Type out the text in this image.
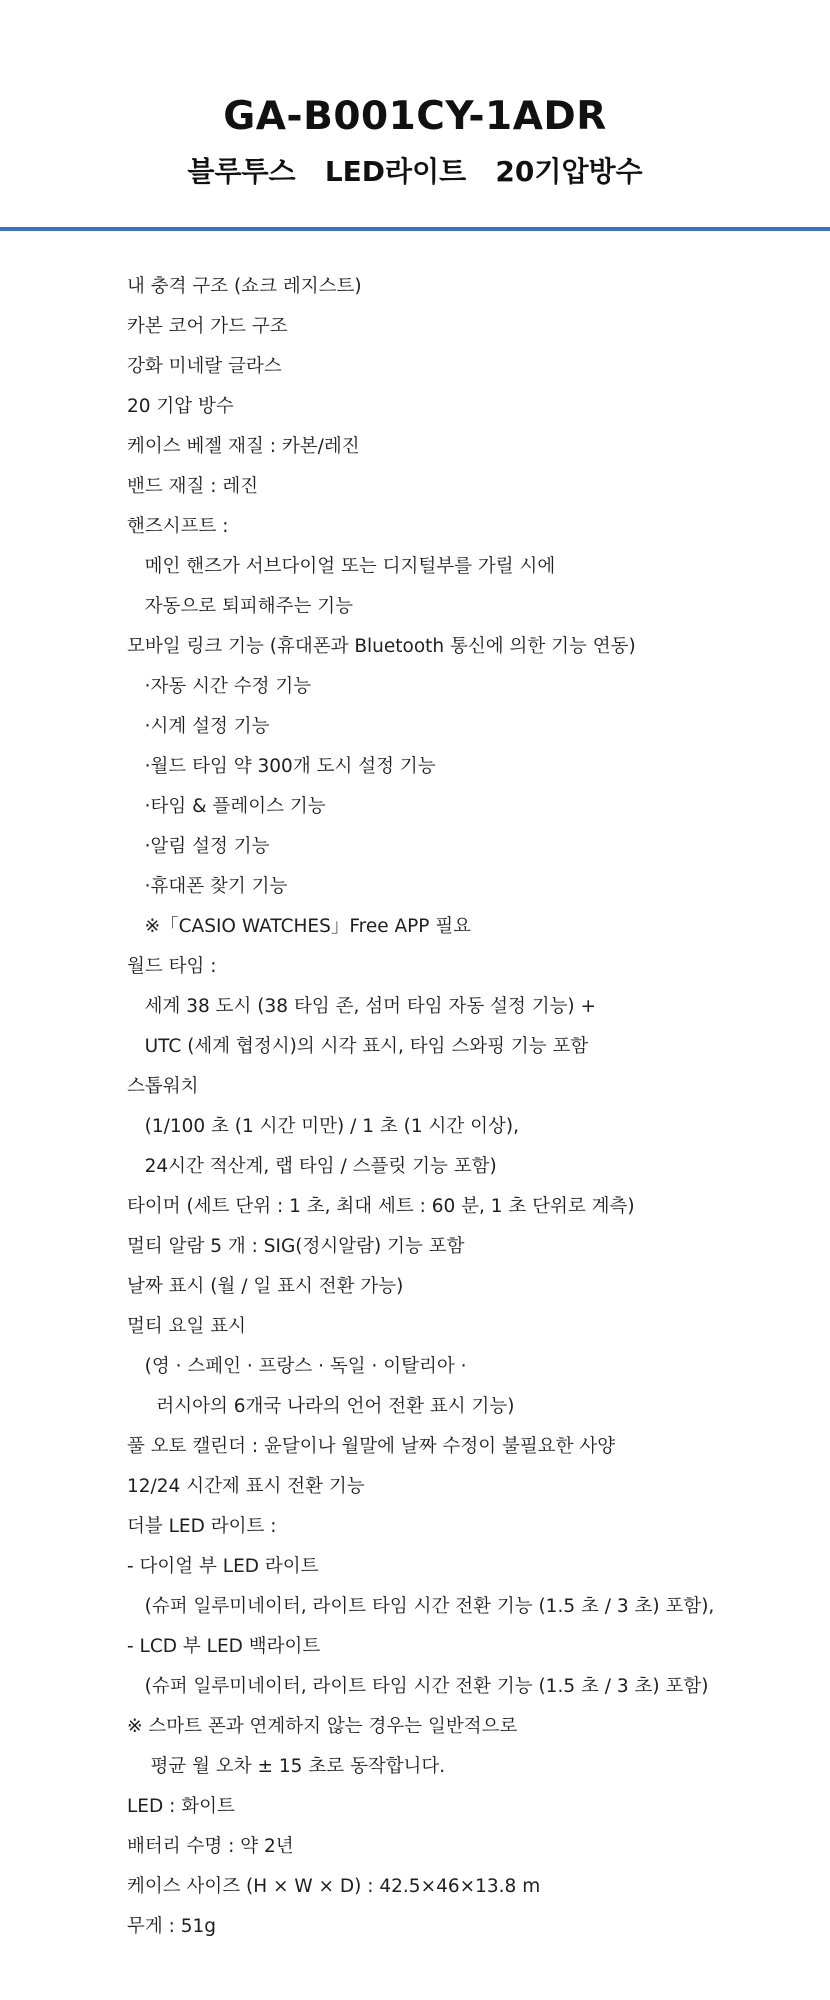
GA-B001CY-1ADR
블루투스   LED라이트   20기압방수
내 충격 구조 (쇼크 레지스트)
카본 코어 가드 구조
강화 미네랄 글라스
20 기압 방수
케이스 베젤 재질 : 카본/레진
밴드 재질 : 레진
핸즈시프트 :
메인 핸즈가 서브다이얼 또는 디지털부를 가릴 시에
자동으로 퇴피해주는 기능
모바일 링크 기능 (휴대폰과 Bluetooth 통신에 의한 기능 연동)
·자동 시간 수정 기능
·시계 설정 기능
·월드 타임 약 300개 도시 설정 기능
·타임 & 플레이스 기능
·알림 설정 기능
·휴대폰 찾기 기능
※「CASIO WATCHES」Free APP 필요
월드 타임 :
세계 38 도시 (38 타임 존, 섬머 타임 자동 설정 기능) +
UTC (세계 협정시)의 시각 표시, 타임 스와핑 기능 포함
스톱워치
(1/100 초 (1 시간 미만) / 1 초 (1 시간 이상),
24시간 적산계, 랩 타임 / 스플릿 기능 포함)
타이머 (세트 단위 : 1 초, 최대 세트 : 60 분, 1 초 단위로 계측)
멀티 알람 5 개 : SIG(정시알람) 기능 포함
날짜 표시 (월 / 일 표시 전환 가능)
멀티 요일 표시
(영 · 스페인 · 프랑스 · 독일 · 이탈리아 ·
러시아의 6개국 나라의 언어 전환 표시 기능)
풀 오토 캘린더 : 윤달이나 월말에 날짜 수정이 불필요한 사양
12/24 시간제 표시 전환 기능
더블 LED 라이트 :
- 다이얼 부 LED 라이트
(슈퍼 일루미네이터, 라이트 타임 시간 전환 기능 (1.5 초 / 3 초) 포함),
- LCD 부 LED 백라이트
(슈퍼 일루미네이터, 라이트 타임 시간 전환 기능 (1.5 초 / 3 초) 포함)
※ 스마트 폰과 연계하지 않는 경우는 일반적으로
평균 월 오차 ± 15 초로 동작합니다.
LED : 화이트
배터리 수명 : 약 2년
케이스 사이즈 (H × W × D) : 42.5×46×13.8 m
무게 : 51g
